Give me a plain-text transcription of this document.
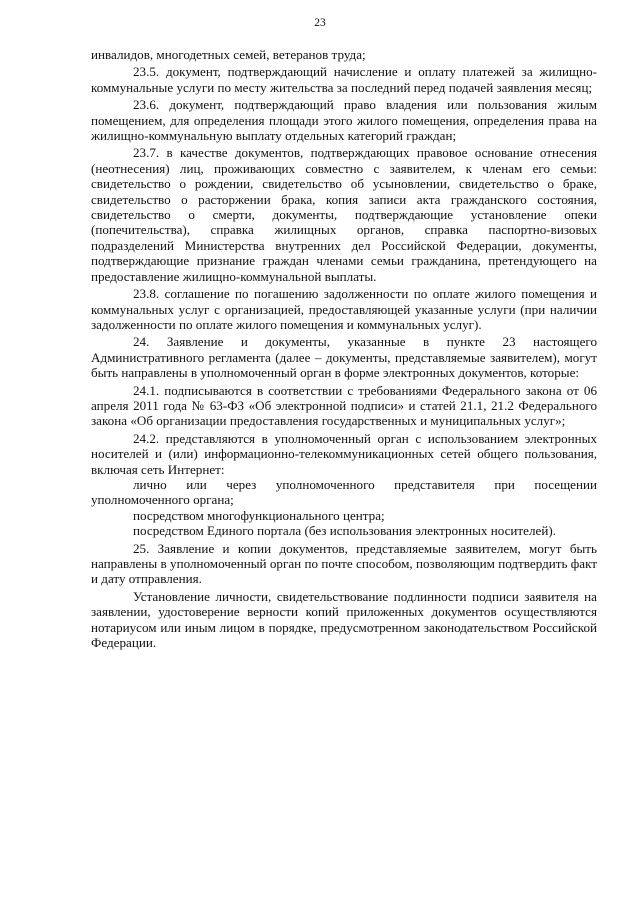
23

инвалидов, многодетных семей, ветеранов труда;

23.5. документ, подтверждающий начисление и оплату платежей за жилищно-коммунальные услуги по месту жительства за последний перед подачей заявления месяц;

23.6. документ, подтверждающий право владения или пользования жилым помещением, для определения площади этого жилого помещения, определения права на жилищно-коммунальную выплату отдельных категорий граждан;

23.7. в качестве документов, подтверждающих правовое основание отнесения (неотнесения) лиц, проживающих совместно с заявителем, к членам его семьи: свидетельство о рождении, свидетельство об усыновлении, свидетельство о браке, свидетельство о расторжении брака, копия записи акта гражданского состояния, свидетельство о смерти, документы, подтверждающие установление опеки (попечительства), справка жилищных органов, справка паспортно-визовых подразделений Министерства внутренних дел Российской Федерации, документы, подтверждающие признание граждан членами семьи гражданина, претендующего на предоставление жилищно-коммунальной выплаты.

23.8. соглашение по погашению задолженности по оплате жилого помещения и коммунальных услуг с организацией, предоставляющей указанные услуги (при наличии задолженности по оплате жилого помещения и коммунальных услуг).

24. Заявление и документы, указанные в пункте 23 настоящего Административного регламента (далее – документы, представляемые заявителем), могут быть направлены в уполномоченный орган в форме электронных документов, которые:

24.1. подписываются в соответствии с требованиями Федерального закона от 06 апреля 2011 года № 63-ФЗ «Об электронной подписи» и статей 21.1, 21.2 Федерального закона «Об организации предоставления государственных и муниципальных услуг»;

24.2. представляются в уполномоченный орган с использованием электронных носителей и (или) информационно-телекоммуникационных сетей общего пользования, включая сеть Интернет:

лично или через уполномоченного представителя при посещении уполномоченного органа;

посредством многофункционального центра;

посредством Единого портала (без использования электронных носителей).

25. Заявление и копии документов, представляемые заявителем, могут быть направлены в уполномоченный орган по почте способом, позволяющим подтвердить факт и дату отправления.

Установление личности, свидетельствование подлинности подписи заявителя на заявлении, удостоверение верности копий приложенных документов осуществляются нотариусом или иным лицом в порядке, предусмотренном законодательством Российской Федерации.
